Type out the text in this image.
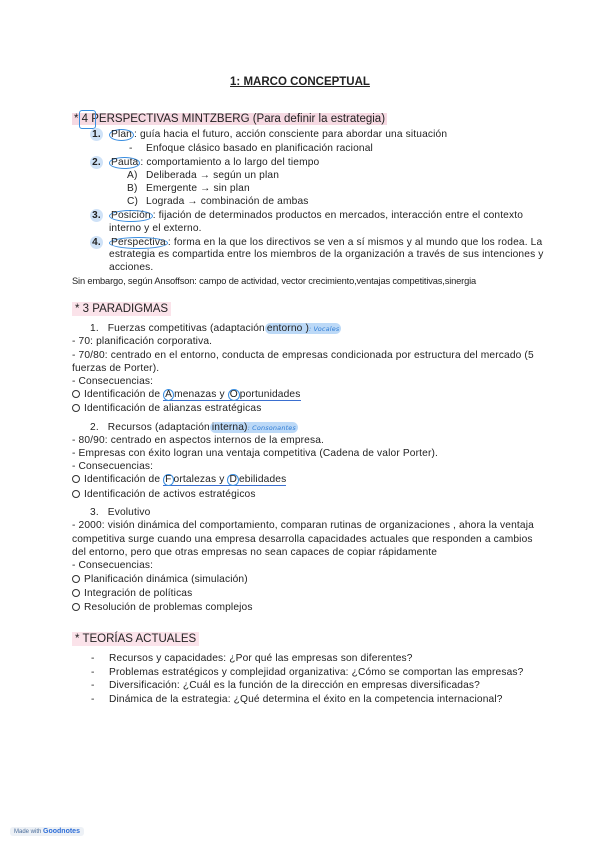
1: MARCO CONCEPTUAL
* 4 PERSPECTIVAS MINTZBERG (Para definir la estrategia)
1. Plan : guía hacia el futuro, acción consciente para abordar una situación
- Enfoque clásico basado en planificación racional
2. Pauta : comportamiento a lo largo del tiempo
A) Deliberada → según un plan
B) Emergente → sin plan
C) Lograda → combinación de ambas
3. Posición : fijación de determinados productos en mercados, interacción entre el contexto
interno y el externo.
4. Perspectiva : forma en la que los directivos se ven a sí mismos y al mundo que los rodea. La
estrategia es compartida entre los miembros de la organización a través de sus intenciones y
acciones.
Sin embargo, según Ansoffson: campo de actividad, vector crecimiento,ventajas competitivas,sinergia
* 3 PARADIGMAS
1. Fuerzas competitivas (adaptación entorno ): Vocales
- 70: planificación corporativa.
- 70/80: centrado en el entorno, conducta de empresas condicionada por estructura del mercado (5
fuerzas de Porter).
- Consecuencias:
Identificación de A menazas y O portunidades
Identificación de alianzas estratégicas
2. Recursos (adaptación interna): Consonantes
- 80/90: centrado en aspectos internos de la empresa.
- Empresas con éxito logran una ventaja competitiva (Cadena de valor Porter).
- Consecuencias:
Identificación de F ortalezas y D ebilidades
Identificación de activos estratégicos
3. Evolutivo
- 2000: visión dinámica del comportamiento, comparan rutinas de organizaciones , ahora la ventaja
competitiva surge cuando una empresa desarrolla capacidades actuales que responden a cambios
del entorno, pero que otras empresas no sean capaces de copiar rápidamente
- Consecuencias:
Planificación dinámica (simulación)
Integración de políticas
Resolución de problemas complejos
* TEORÍAS ACTUALES
- Recursos y capacidades: ¿Por qué las empresas son diferentes?
- Problemas estratégicos y complejidad organizativa: ¿Cómo se comportan las empresas?
- Diversificación: ¿Cuál es la función de la dirección en empresas diversificadas?
- Dinámica de la estrategia: ¿Qué determina el éxito en la competencia internacional?
Made with Goodnotes
